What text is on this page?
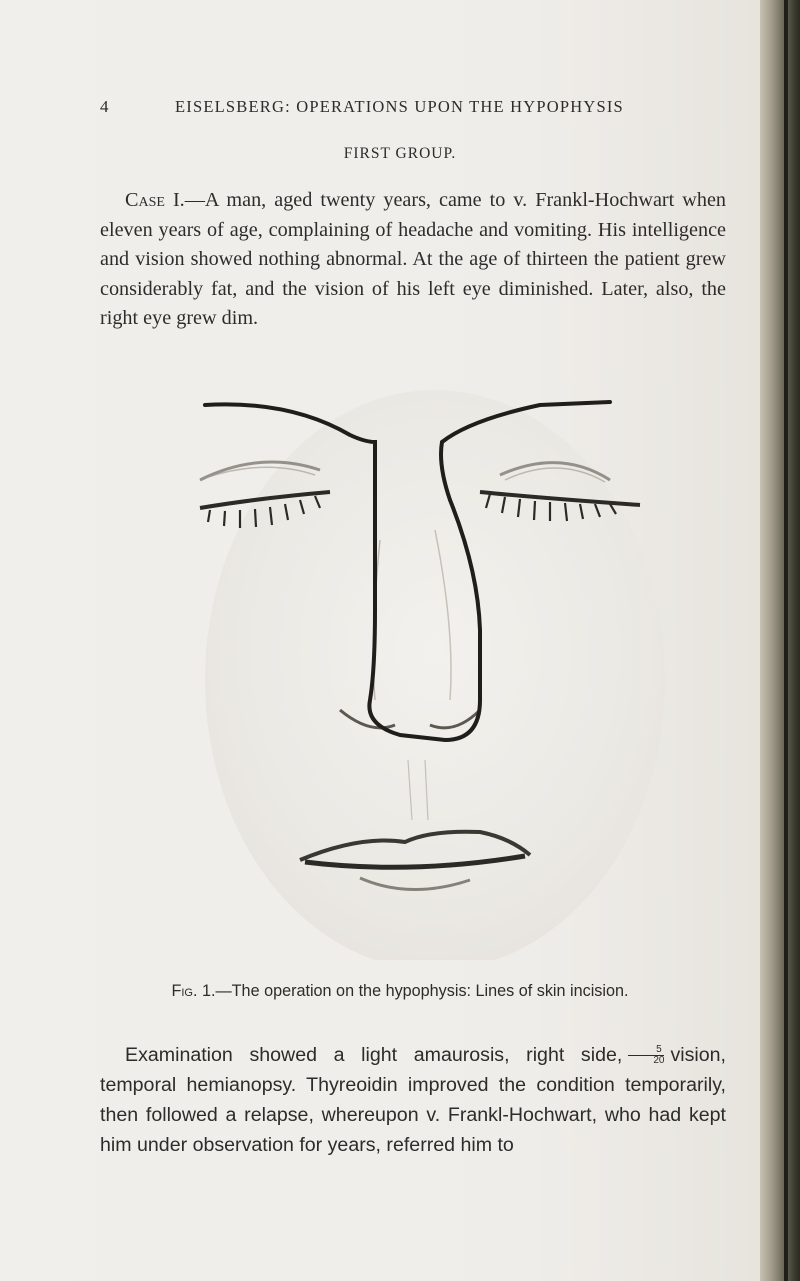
4	EISELSBERG: OPERATIONS UPON THE HYPOPHYSIS
FIRST GROUP.

Case I.—A man, aged twenty years, came to v. Frankl-Hochwart when eleven years of age, complaining of headache and vomiting. His intelligence and vision showed nothing abnormal. At the age of thirteen the patient grew considerably fat, and the vision of his left eye diminished. Later, also, the right eye grew dim.

Fig. 1.—The operation on the hypophysis: Lines of skin incision.

Examination showed a light amaurosis, right side, $\frac{5}{20}$ vision, temporal hemianopsy. Thyreoidin improved the condition temporarily, then followed a relapse, whereupon v. Frankl-Hochwart, who had kept him under observation for years, referred him to
